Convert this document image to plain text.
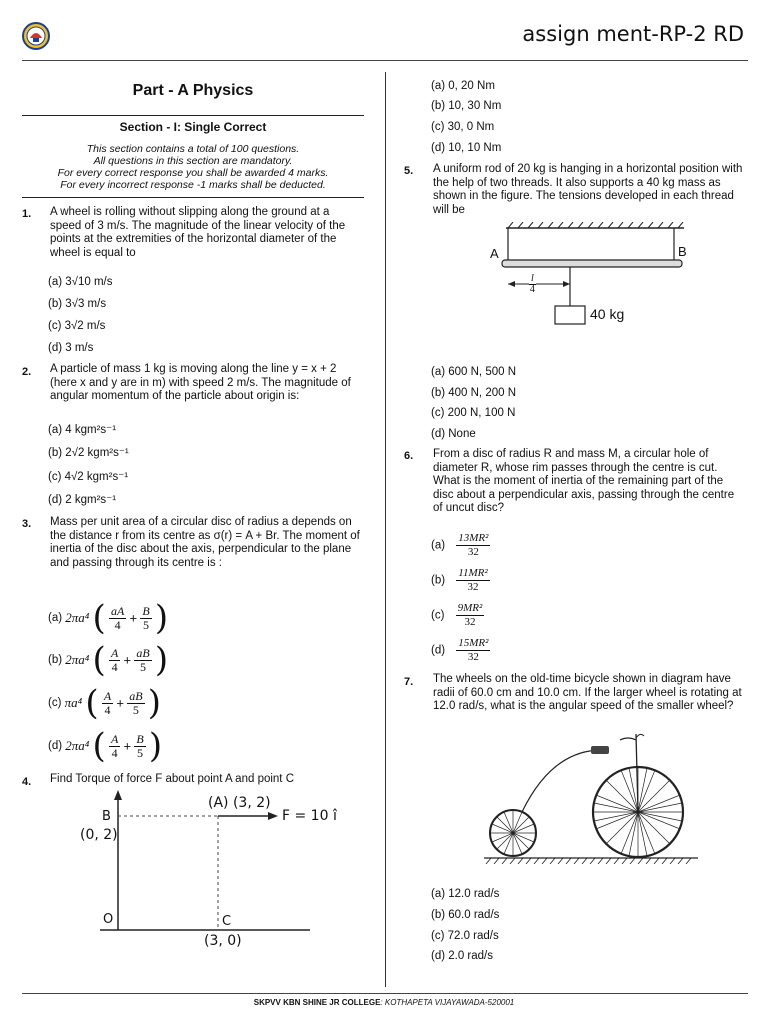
assign ment-RP-2 RD
Part - A Physics
Section - I: Single Correct
This section contains a total of 100 questions.
All questions in this section are mandatory.
For every correct response you shall be awarded 4 marks.
For every incorrect response -1 marks shall be deducted.
1. A wheel is rolling without slipping along the ground at a speed of 3 m/s. The magnitude of the linear velocity of the points at the extremities of the horizontal diameter of the wheel is equal to
(a) 3√10 m/s
(b) 3√3 m/s
(c) 3√2 m/s
(d) 3 m/s
2. A particle of mass 1 kg is moving along the line y = x + 2 (here x and y are in m) with speed 2 m/s. The magnitude of angular momentum of the particle about origin is:
(a) 4 kgm²s⁻¹
(b) 2√2 kgm²s⁻¹
(c) 4√2 kgm²s⁻¹
(d) 2 kgm²s⁻¹
3. Mass per unit area of a circular disc of radius a depends on the distance r from its centre as σ(r) = A + Br. The moment of inertia of the disc about the axis, perpendicular to the plane and passing through its centre is :
(a) 2πa⁴ ( $\frac{aA}{4} + \frac{B}{5}$ )
(b) 2πa⁴ ( $\frac{A}{4} + \frac{aB}{5}$ )
(c) πa⁴ ( $\frac{A}{4} + \frac{aB}{5}$ )
(d) 2πa⁴ ( $\frac{A}{4} + \frac{B}{5}$ )
4. Find Torque of force F about point A and point C
(A) (3, 2)
F = 10 î
B
(0, 2)
O	C
(3, 0)
(a) 0, 20 Nm
(b) 10, 30 Nm
(c) 30, 0 Nm
(d) 10, 10 Nm
5. A uniform rod of 20 kg is hanging in a horizontal position with the help of two threads. It also supports a 40 kg mass as shown in the figure. The tensions developed in each thread will be
A	B
$\frac{l}{4}$
40 kg
(a) 600 N, 500 N
(b) 400 N, 200 N
(c) 200 N, 100 N
(d) None
6. From a disc of radius R and mass M, a circular hole of diameter R, whose rim passes through the centre is cut. What is the moment of inertia of the remaining part of the disc about a perpendicular axis, passing through the centre of uncut disc?
$(a) \frac{\text{13MR²}}{32}$
$(b) \frac{\text{11MR²}}{32}$
$(c) \frac{\text{9MR²}}{32}$
$(d) \frac{\text{15MR²}}{32}$
7. The wheels on the old-time bicycle shown in diagram have radii of 60.0 cm and 10.0 cm. If the larger wheel is rotating at 12.0 rad/s, what is the angular speed of the smaller wheel?
(a) 12.0 rad/s
(b) 60.0 rad/s
(c) 72.0 rad/s
(d) 2.0 rad/s
SKPVV KBN SHINE JR COLLEGE: KOTHAPETA VIJAYAWADA-520001
